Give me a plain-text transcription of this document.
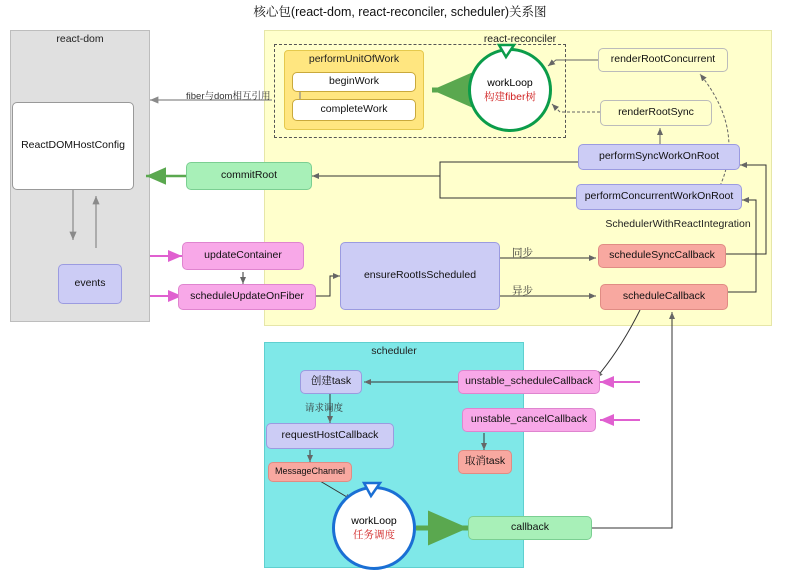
核心包(react-dom, react-reconciler, scheduler)关系图
react-dom	react-reconciler
scheduler
performUnitOfWork
ReactDOMHostConfig
events
beginWork
completeWork
workLoop
构建fiber树
renderRootConcurrent
renderRootSync
performSyncWorkOnRoot
performConcurrentWorkOnRoot
commitRoot
updateContainer
scheduleUpdateOnFiber
ensureRootIsScheduled
SchedulerWithReactIntegration
scheduleSyncCallback
scheduleCallback
创建task	unstable_scheduleCallback
unstable_cancelCallback
取消task
requestHostCallback
MessageChannel
workLoop
任务调度
callback
fiber与dom相互引用
同步
异步
请求调度
